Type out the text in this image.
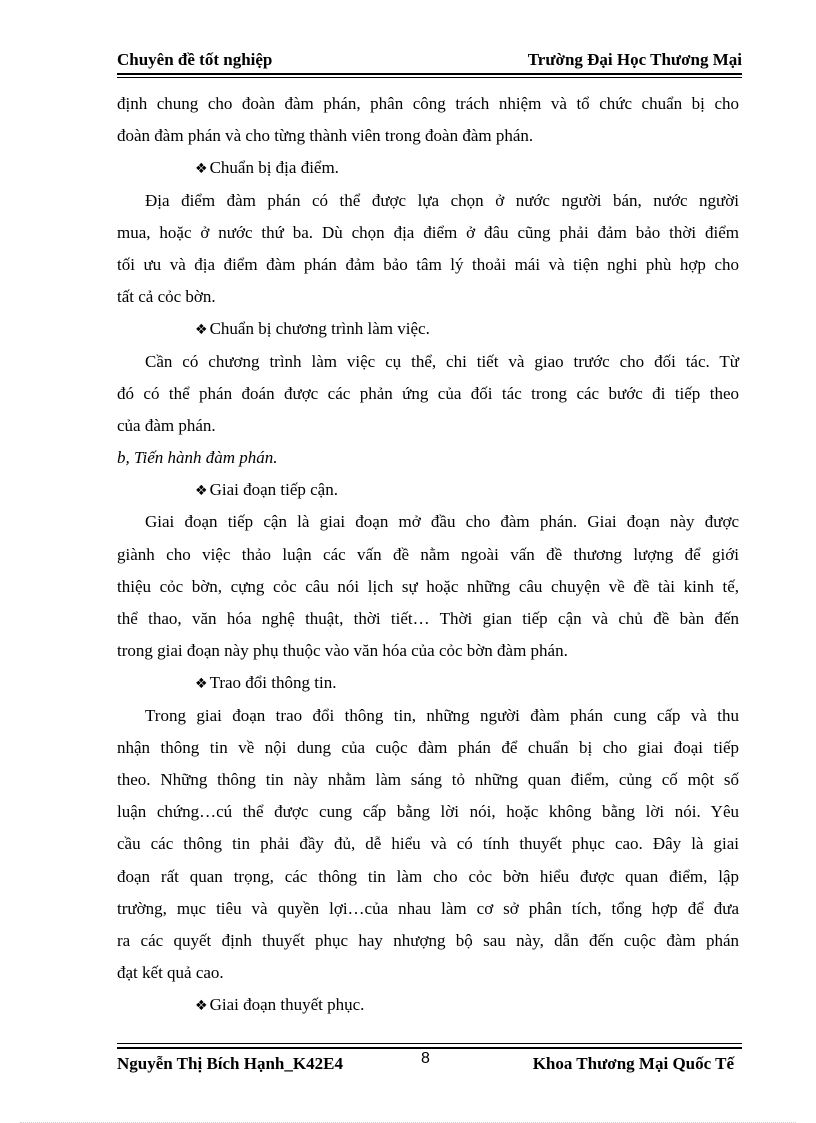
Chuyên đề tốt nghiệp	Trường Đại Học Thương Mại
định chung cho đoàn đàm phán, phân công trách nhiệm và tổ chức chuẩn bị cho
đoàn đàm phán và cho từng thành viên trong đoàn đàm phán.
❖ Chuẩn bị địa điểm.
Địa điểm đàm phán có thể được lựa chọn ở nước người bán, nước người
mua, hoặc ở nước thứ ba. Dù chọn địa điểm ở đâu cũng phải đảm bảo thời điểm
tối ưu và địa điểm đàm phán đảm bảo tâm lý thoải mái và tiện nghi phù hợp cho
tất cả cỏc bờn.
❖ Chuẩn bị chương trình làm việc.
Cần có chương trình làm việc cụ thể, chi tiết và giao trước cho đối tác. Từ
đó có thể phán đoán được các phản ứng của đối tác trong các bước đi tiếp theo
của đàm phán.
b, Tiến hành đàm phán.
❖ Giai đoạn tiếp cận.
Giai đoạn tiếp cận là giai đoạn mở đầu cho đàm phán. Giai đoạn này được
giành cho việc thảo luận các vấn đề nằm ngoài vấn đề thương lượng để giới
thiệu cỏc bờn, cựng cỏc câu nói lịch sự hoặc những câu chuyện về đề tài kinh tế,
thể thao, văn hóa nghệ thuật, thời tiết… Thời gian tiếp cận và chủ đề bàn đến
trong giai đoạn này phụ thuộc vào văn hóa của cỏc bờn đàm phán.
❖ Trao đổi thông tin.
Trong giai đoạn trao đổi thông tin, những người đàm phán cung cấp và thu
nhận thông tin về nội dung của cuộc đàm phán để chuẩn bị cho giai đoại tiếp
theo. Những thông tin này nhằm làm sáng tỏ những quan điểm, củng cố một số
luận chứng…cú thể được cung cấp bằng lời nói, hoặc không bằng lời nói. Yêu
cầu các thông tin phải đầy đủ, dễ hiểu và có tính thuyết phục cao. Đây là giai
đoạn rất quan trọng, các thông tin làm cho cỏc bờn hiểu được quan điểm, lập
trường, mục tiêu và quyền lợi…của nhau làm cơ sở phân tích, tổng hợp để đưa
ra các quyết định thuyết phục hay nhượng bộ sau này, dẫn đến cuộc đàm phán
đạt kết quả cao.
❖ Giai đoạn thuyết phục.
Nguyễn Thị Bích Hạnh_K42E4	8	Khoa Thương Mại Quốc Tế
